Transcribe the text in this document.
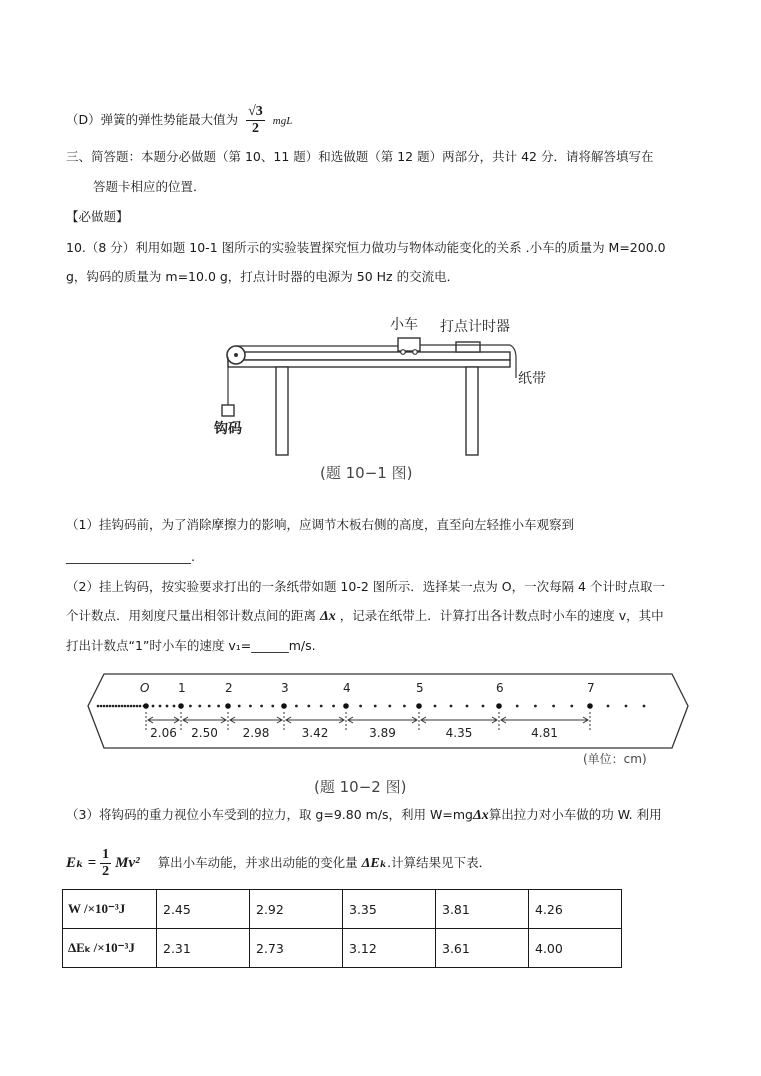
（D）弹簧的弹性势能最大值为 $\frac{√3}{2}$ mgL
三、简答题：本题分必做题（第 10、11 题）和选做题（第 12 题）两部分，共计 42 分．请将解答填写在
答题卡相应的位置．
【必做题】
10.（8 分）利用如题 10-1 图所示的实验装置探究恒力做功与物体动能变化的关系 .小车的质量为 M=200.0
g，钩码的质量为 m=10.0 g，打点计时器的电源为 50 Hz 的交流电．
小车 打点计时器
纸带
钩码
(题 10−1 图)
（1）挂钩码前，为了消除摩擦力的影响，应调节木板右侧的高度，直至向左轻推小车观察到
____________________.
（2）挂上钩码，按实验要求打出的一条纸带如题 10-2 图所示．选择某一点为 O，一次每隔 4 个计时点取一
个计数点．用刻度尺量出相邻计数点间的距离 Δx ，记录在纸带上．计算打出各计数点时小车的速度 v，其中
打出计数点“1”时小车的速度 v₁=______m/s.
O 1	2	3	4	5	6	7
2.06 2.50 2.98	3.42	3.89	4.35	4.81
(单位：cm)
(题 10−2 图)
（3）将钩码的重力视位小车受到的拉力，取 g=9.80 m/s，利用 W=mgΔx算出拉力对小车做的功 W. 利用
$E_k = \frac{1}{2} Mv^2$ 算出小车动能，并求出动能的变化量 ΔEₖ.计算结果见下表．
W /×10⁻³J	2.45	2.92	3.35	3.81	4.26
ΔEₖ /×10⁻³J	2.31	2.73	3.12	3.61	4.00
